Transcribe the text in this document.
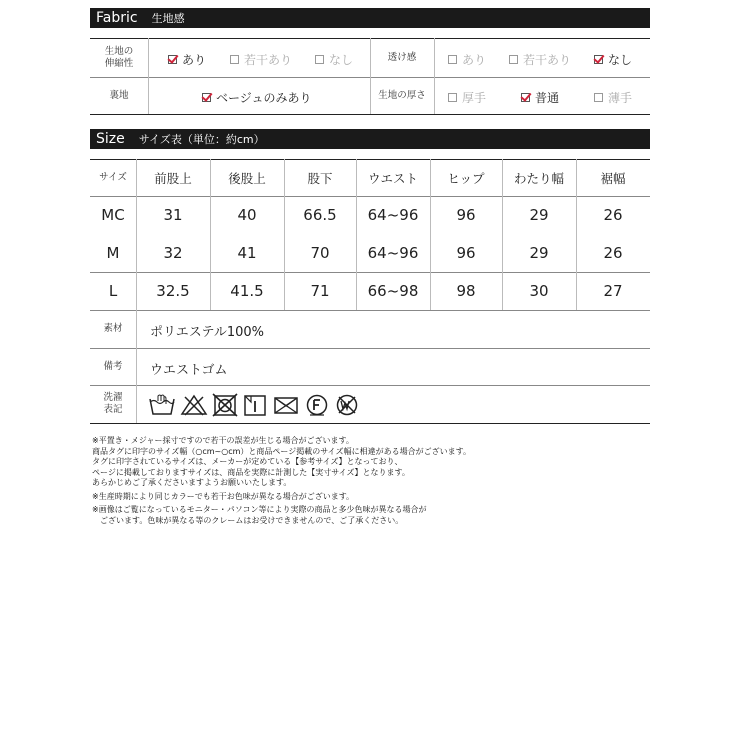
Fabric 生地感
生地の伸縮性	あり	若干あり	なし	透け感	あり	若干あり	なし
裏地	ベージュのみあり	生地の厚さ	厚手	普通	薄手
Size サイズ表（単位：約cm）
サイズ	前股上	後股上	股下	ウエスト	ヒップ	わたり幅	裾幅
MC	31	40	66.5	64~96	96	29	26
M	32	41	70	64~96	96	29	26
L	32.5	41.5	71	66~98	98	30	27
素材	ポリエステル100%
備考	ウエストゴム
洗濯表記
※平置き・メジャー採寸ですので若干の誤差が生じる場合がございます。
商品タグに印字のサイズ幅（○cm~○cm）と商品ページ掲載のサイズ幅に相違がある場合がございます。
タグに印字されているサイズは、メーカーが定めている【参考サイズ】となっており、
ページに掲載しておりますサイズは、商品を実際に計測した【実寸サイズ】となります。
あらかじめご了承くださいますようお願いいたします。
※生産時期により同じカラーでも若干お色味が異なる場合がございます。
※画像はご覧になっているモニター・パソコン等により実際の商品と多少色味が異なる場合が
　ございます。色味が異なる等のクレームはお受けできませんので、ご了承ください。
